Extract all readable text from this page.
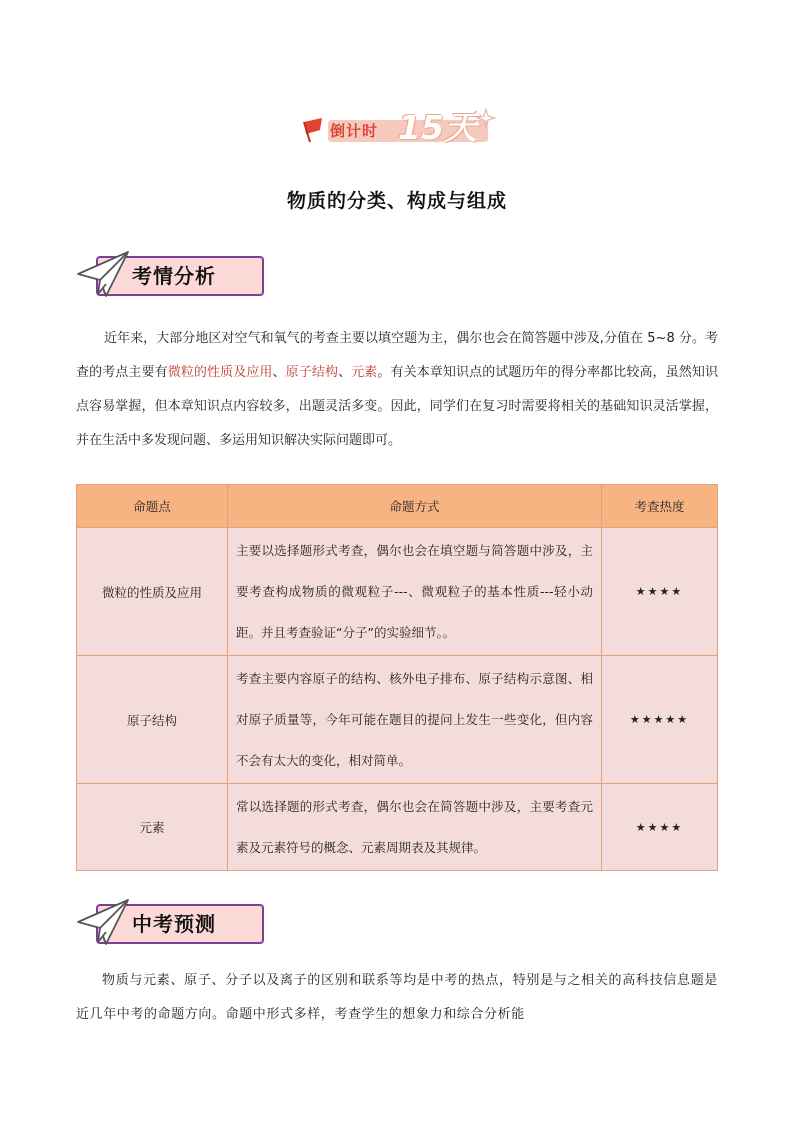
倒计时 15天
物质的分类、构成与组成
考情分析
近年来，大部分地区对空气和氧气的考查主要以填空题为主，偶尔也会在简答题中涉及,分值在 5~8 分。考查的考点主要有微粒的性质及应用、原子结构、元素。有关本章知识点的试题历年的得分率都比较高，虽然知识点容易掌握，但本章知识点内容较多，出题灵活多变。因此，同学们在复习时需要将相关的基础知识灵活掌握，并在生活中多发现问题、多运用知识解决实际问题即可。
命题点	命题方式	考查热度
微粒的性质及应用	主要以选择题形式考查，偶尔也会在填空题与简答题中涉及，主要考查构成物质的微观粒子---、微观粒子的基本性质---轻小动距。并且考查验证“分子”的实验细节。。	★★★★
原子结构	考查主要内容原子的结构、核外电子排布、原子结构示意图、相对原子质量等，今年可能在题目的提问上发生一些变化，但内容不会有太大的变化，相对简单。	★★★★★
元素	常以选择题的形式考查，偶尔也会在简答题中涉及，主要考查元素及元素符号的概念、元素周期表及其规律。	★★★★
中考预测
物质与元素、原子、分子以及离子的区别和联系等均是中考的热点，特别是与之相关的高科技信息题是近几年中考的命题方向。命题中形式多样，考查学生的想象力和综合分析能
